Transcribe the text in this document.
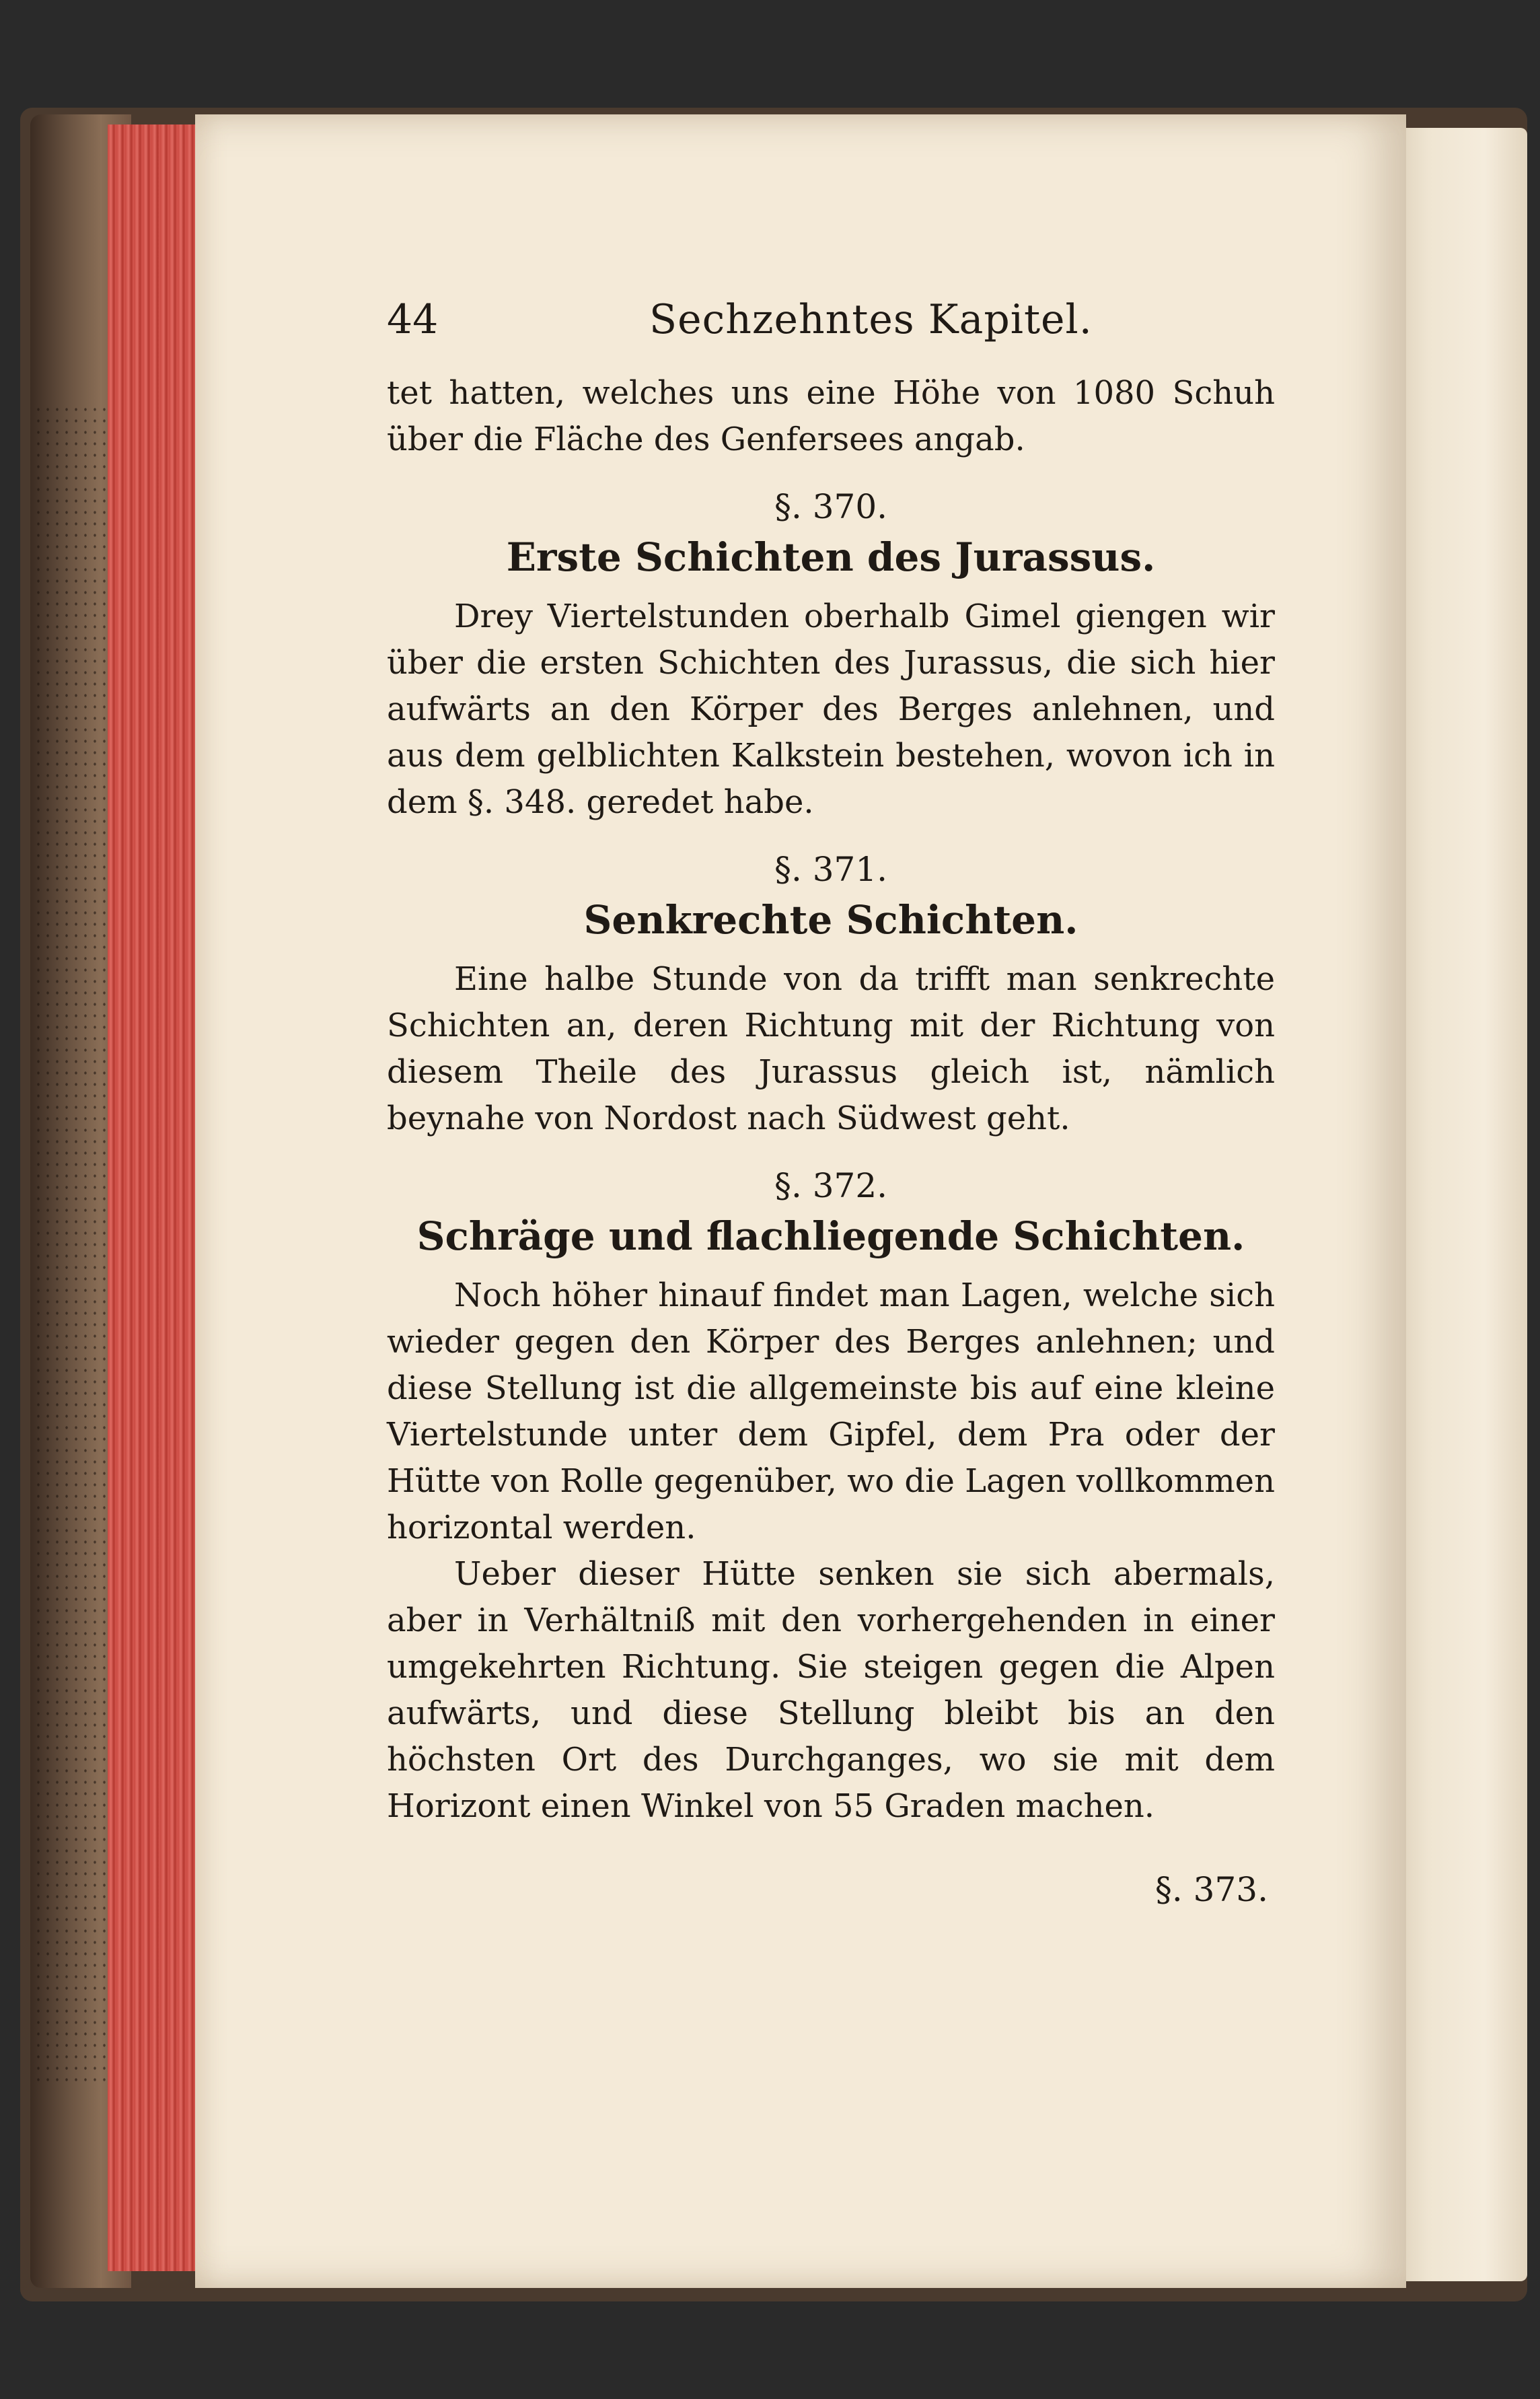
44	Sechzehntes Kapitel.

tet hatten, welches uns eine Höhe von 1080 Schuh über die Fläche des Genfersees angab.

§. 370.
Erste Schichten des Jurassus.

Drey Viertelstunden oberhalb Gimel giengen wir über die ersten Schichten des Jurassus, die sich hier aufwärts an den Körper des Berges anlehnen, und aus dem gelblichten Kalkstein bestehen, wovon ich in dem §. 348. geredet habe.

§. 371.
Senkrechte Schichten.

Eine halbe Stunde von da trifft man senkrechte Schichten an, deren Richtung mit der Richtung von diesem Theile des Jurassus gleich ist, nämlich beynahe von Nordost nach Südwest geht.

§. 372.
Schräge und flachliegende Schichten.

Noch höher hinauf findet man Lagen, welche sich wieder gegen den Körper des Berges anlehnen; und diese Stellung ist die allgemeinste bis auf eine kleine Viertelstunde unter dem Gipfel, dem Pra oder der Hütte von Rolle gegenüber, wo die Lagen vollkommen horizontal werden.

Ueber dieser Hütte senken sie sich abermals, aber in Verhältniß mit den vorhergehenden in einer umgekehrten Richtung. Sie steigen gegen die Alpen aufwärts, und diese Stellung bleibt bis an den höchsten Ort des Durchganges, wo sie mit dem Horizont einen Winkel von 55 Graden machen.

§. 373.
